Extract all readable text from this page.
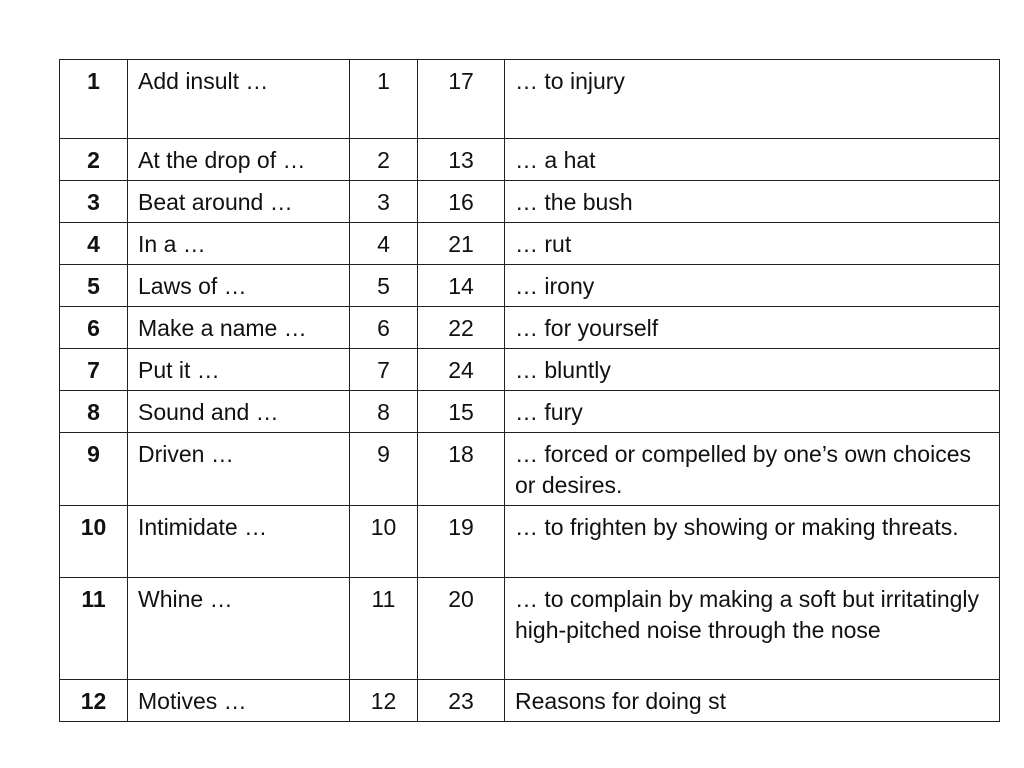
1	Add insult …	1	17	… to injury
2	At the drop of …	2	13	… a hat
3	Beat around …	3	16	… the bush
4	In a …	4	21	… rut
5	Laws of …	5	14	… irony
6	Make a name …	6	22	… for yourself
7	Put it …	7	24	… bluntly
8	Sound and …	8	15	… fury
9	Driven …	9	18	… forced or compelled by one’s own choices or desires.
10	Intimidate …	10	19	… to frighten by showing or making threats.
11	Whine …	11	20	… to complain by making a soft but irritatingly high-pitched noise through the nose
12	Motives …	12	23	Reasons for doing st
